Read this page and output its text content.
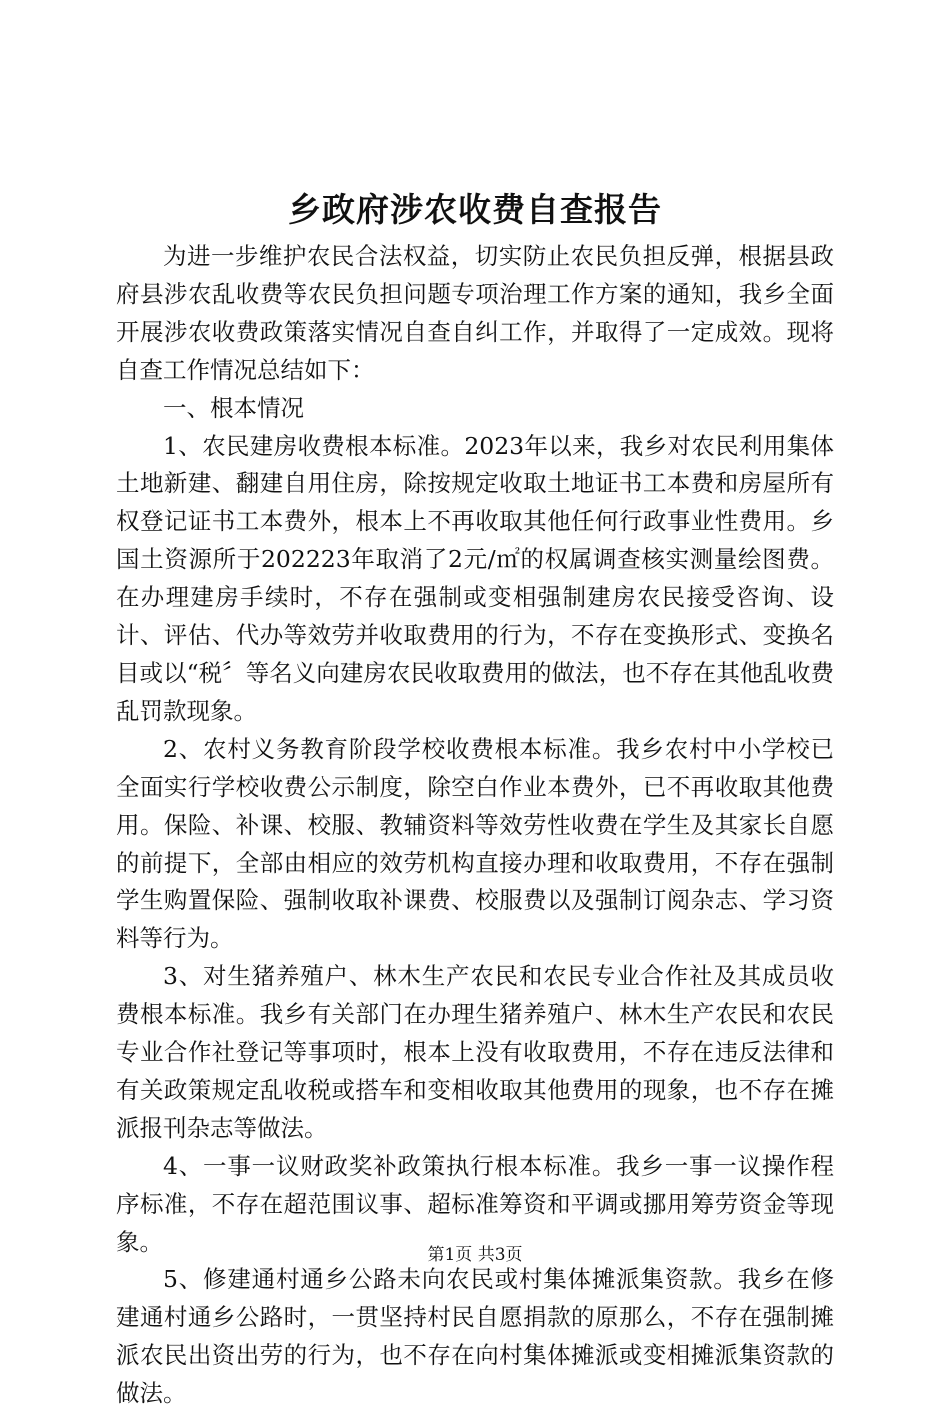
乡政府涉农收费自查报告

为进一步维护农民合法权益，切实防止农民负担反弹，根据县政府县涉农乱收费等农民负担问题专项治理工作方案的通知，我乡全面开展涉农收费政策落实情况自查自纠工作，并取得了一定成效。现将自查工作情况总结如下：

一、根本情况

1、农民建房收费根本标准。2023年以来，我乡对农民利用集体土地新建、翻建自用住房，除按规定收取土地证书工本费和房屋所有权登记证书工本费外，根本上不再收取其他任何行政事业性费用。乡国土资源所于202223年取消了2元/㎡的权属调查核实测量绘图费。在办理建房手续时，不存在强制或变相强制建房农民接受咨询、设计、评估、代办等效劳并收取费用的行为，不存在变换形式、变换名目或以“税〞等名义向建房农民收取费用的做法，也不存在其他乱收费乱罚款现象。

2、农村义务教育阶段学校收费根本标准。我乡农村中小学校已全面实行学校收费公示制度，除空白作业本费外，已不再收取其他费用。保险、补课、校服、教辅资料等效劳性收费在学生及其家长自愿的前提下，全部由相应的效劳机构直接办理和收取费用，不存在强制学生购置保险、强制收取补课费、校服费以及强制订阅杂志、学习资料等行为。

3、对生猪养殖户、林木生产农民和农民专业合作社及其成员收费根本标准。我乡有关部门在办理生猪养殖户、林木生产农民和农民专业合作社登记等事项时，根本上没有收取费用，不存在违反法律和有关政策规定乱收税或搭车和变相收取其他费用的现象，也不存在摊派报刊杂志等做法。

4、一事一议财政奖补政策执行根本标准。我乡一事一议操作程序标准，不存在超范围议事、超标准筹资和平调或挪用筹劳资金等现象。

5、修建通村通乡公路未向农民或村集体摊派集资款。我乡在修建通村通乡公路时，一贯坚持村民自愿捐款的原那么，不存在强制摊派农民出资出劳的行为，也不存在向村集体摊派或变相摊派集资款的做法。

第1页 共3页
